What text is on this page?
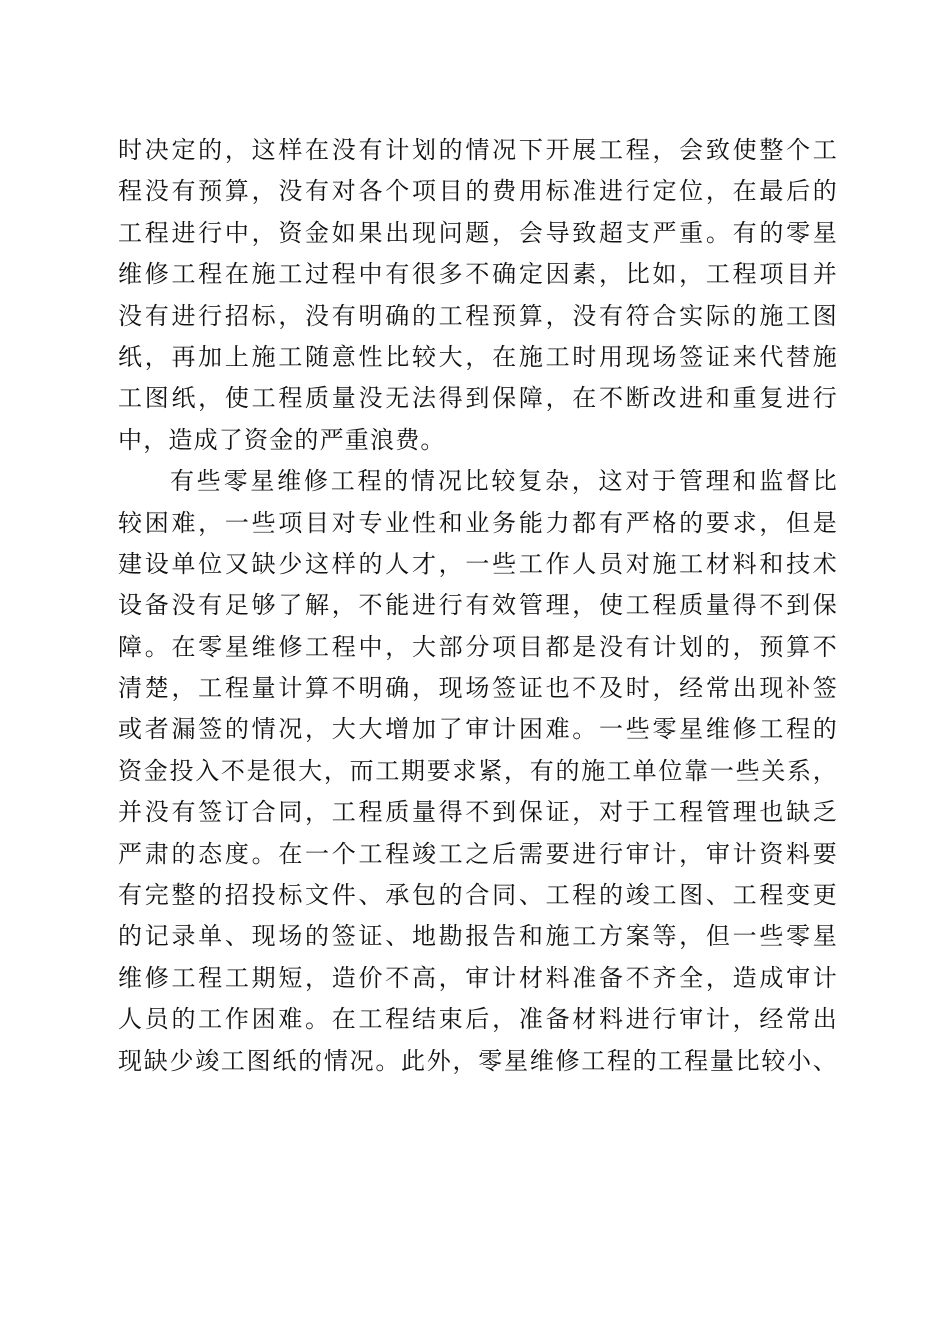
时决定的，这样在没有计划的情况下开展工程，会致使整个工
程没有预算，没有对各个项目的费用标准进行定位，在最后的
工程进行中，资金如果出现问题，会导致超支严重。有的零星
维修工程在施工过程中有很多不确定因素，比如，工程项目并
没有进行招标，没有明确的工程预算，没有符合实际的施工图
纸，再加上施工随意性比较大，在施工时用现场签证来代替施
工图纸，使工程质量没无法得到保障，在不断改进和重复进行
中，造成了资金的严重浪费。
有些零星维修工程的情况比较复杂，这对于管理和监督比
较困难，一些项目对专业性和业务能力都有严格的要求，但是
建设单位又缺少这样的人才，一些工作人员对施工材料和技术
设备没有足够了解，不能进行有效管理，使工程质量得不到保
障。在零星维修工程中，大部分项目都是没有计划的，预算不
清楚，工程量计算不明确，现场签证也不及时，经常出现补签
或者漏签的情况，大大增加了审计困难。一些零星维修工程的
资金投入不是很大，而工期要求紧，有的施工单位靠一些关系，
并没有签订合同，工程质量得不到保证，对于工程管理也缺乏
严肃的态度。在一个工程竣工之后需要进行审计，审计资料要
有完整的招投标文件、承包的合同、工程的竣工图、工程变更
的记录单、现场的签证、地勘报告和施工方案等，但一些零星
维修工程工期短，造价不高，审计材料准备不齐全，造成审计
人员的工作困难。在工程结束后，准备材料进行审计，经常出
现缺少竣工图纸的情况。此外，零星维修工程的工程量比较小、
